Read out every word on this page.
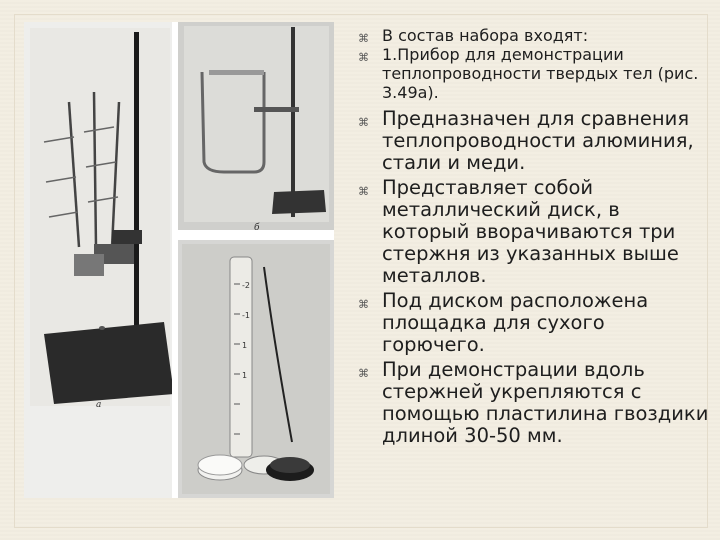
а
б
-2
-1
1
1
⌘ В состав набора входят:
⌘ 1.Прибор для демонстрации теплопроводности твердых тел (рис. 3.49а).
⌘ Предназначен для сравнения теплопроводности алюминия, стали и меди.
⌘ Представляет собой металлический диск, в который вворачиваются три стержня из указанных выше металлов.
⌘ Под диском расположена площадка для сухого горючего.
⌘ При демонстрации вдоль стержней укрепляются с помощью пластилина гвоздики длиной 30-50 мм.
